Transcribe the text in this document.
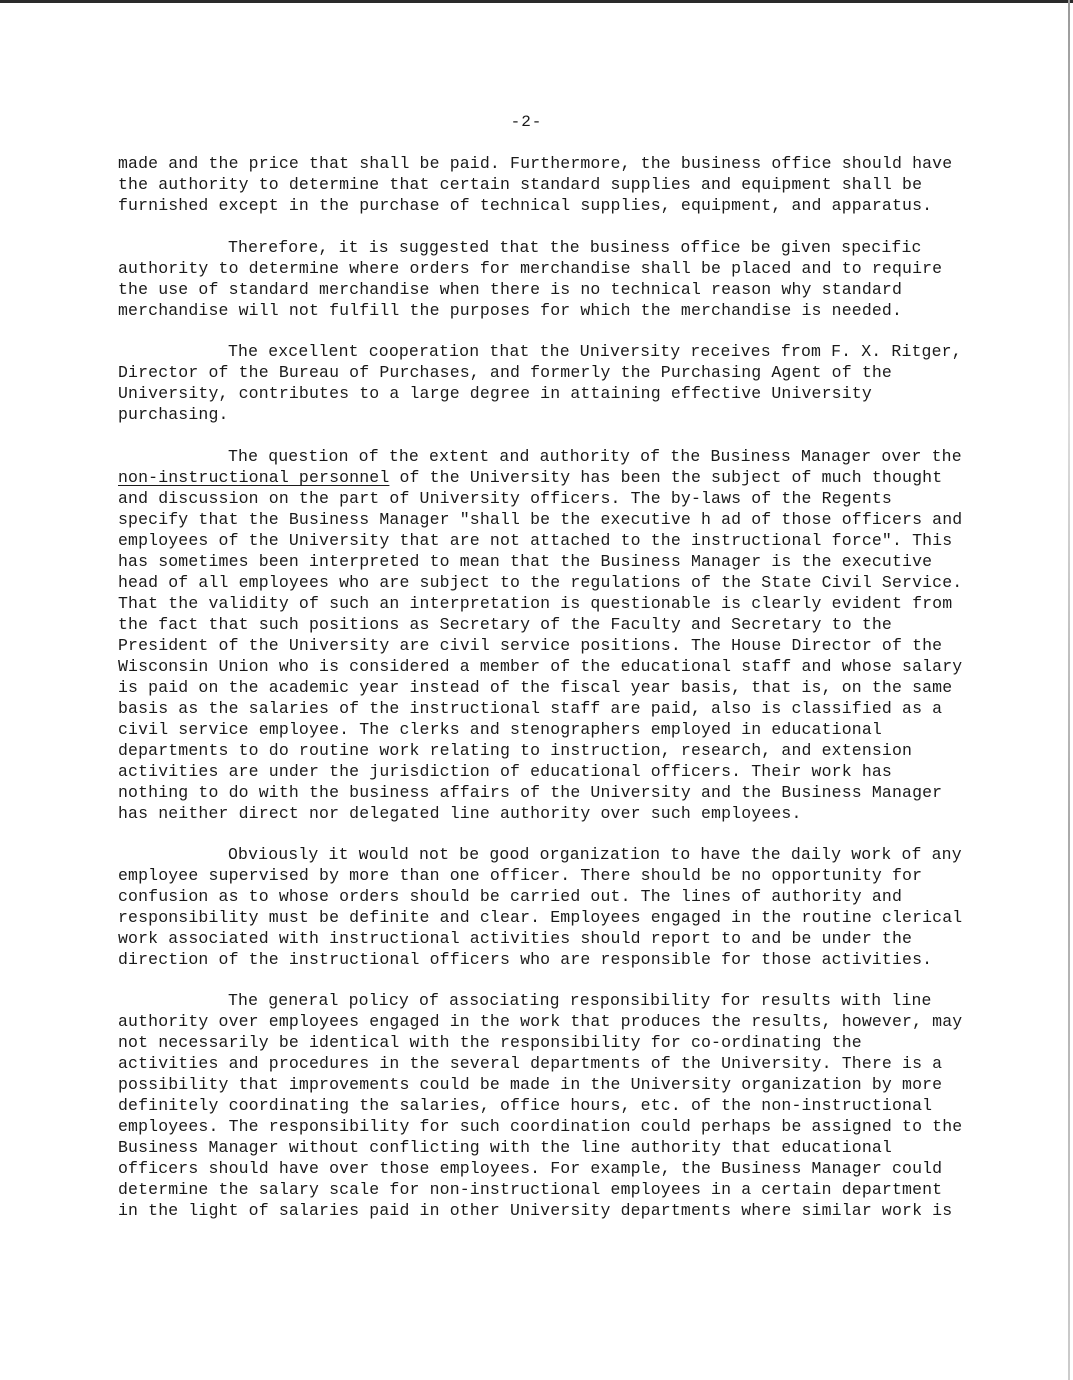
-2-

made and the price that shall be paid. Furthermore, the business office should have the authority to determine that certain standard supplies and equipment shall be furnished except in the purchase of technical supplies, equipment, and apparatus.

Therefore, it is suggested that the business office be given specific authority to determine where orders for merchandise shall be placed and to require the use of standard merchandise when there is no technical reason why standard merchandise will not fulfill the purposes for which the merchandise is needed.

The excellent cooperation that the University receives from F. X. Ritger, Director of the Bureau of Purchases, and formerly the Purchasing Agent of the University, contributes to a large degree in attaining effective University purchasing.

The question of the extent and authority of the Business Manager over the non-instructional personnel of the University has been the subject of much thought and discussion on the part of University officers. The by-laws of the Regents specify that the Business Manager "shall be the executive h ad of those officers and employees of the University that are not attached to the instructional force". This has sometimes been interpreted to mean that the Business Manager is the executive head of all employees who are subject to the regulations of the State Civil Service. That the validity of such an interpretation is questionable is clearly evident from the fact that such positions as Secretary of the Faculty and Secretary to the President of the University are civil service positions. The House Director of the Wisconsin Union who is considered a member of the educational staff and whose salary is paid on the academic year instead of the fiscal year basis, that is, on the same basis as the salaries of the instructional staff are paid, also is classified as a civil service employee. The clerks and stenographers employed in educational departments to do routine work relating to instruction, research, and extension activities are under the jurisdiction of educational officers. Their work has nothing to do with the business affairs of the University and the Business Manager has neither direct nor delegated line authority over such employees.

Obviously it would not be good organization to have the daily work of any employee supervised by more than one officer. There should be no opportunity for confusion as to whose orders should be carried out. The lines of authority and responsibility must be definite and clear. Employees engaged in the routine clerical work associated with instructional activities should report to and be under the direction of the instructional officers who are responsible for those activities.

The general policy of associating responsibility for results with line authority over employees engaged in the work that produces the results, however, may not necessarily be identical with the responsibility for co-ordinating the activities and procedures in the several departments of the University. There is a possibility that improvements could be made in the University organization by more definitely coordinating the salaries, office hours, etc. of the non-instructional employees. The responsibility for such coordination could perhaps be assigned to the Business Manager without conflicting with the line authority that educational officers should have over those employees. For example, the Business Manager could determine the salary scale for non-instructional employees in a certain department in the light of salaries paid in other University departments where similar work is
